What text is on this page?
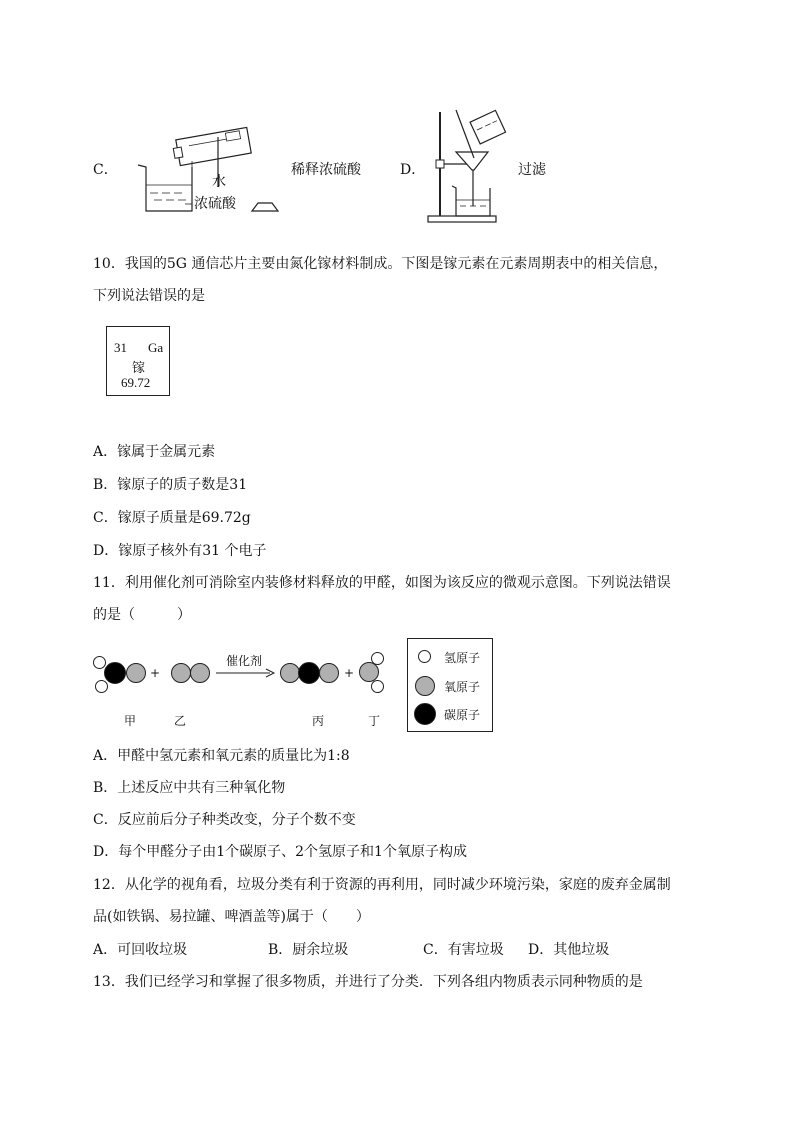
C．
水
浓硫酸
稀释浓硫酸	D．	过滤
10．我国的5G 通信芯片主要由氮化镓材料制成。下图是镓元素在元素周期表中的相关信息，
下列说法错误的是
31 Ga
镓
69.72
A．镓属于金属元素
B．镓原子的质子数是31
C．镓原子质量是69.72g
D．镓原子核外有31 个电子
11．利用催化剂可消除室内装修材料释放的甲醛，如图为该反应的微观示意图。下列说法错误
的是（　　　）
+
催化剂
+
甲	乙	丙	丁
氢原子
氧原子
碳原子
A．甲醛中氢元素和氧元素的质量比为1:8
B．上述反应中共有三种氧化物
C．反应前后分子种类改变，分子个数不变
D．每个甲醛分子由1个碳原子、2个氢原子和1个氧原子构成
12．从化学的视角看，垃圾分类有利于资源的再利用，同时减少环境污染，家庭的废弃金属制
品(如铁锅、易拉罐、啤酒盖等)属于（　　）
A．可回收垃圾	B．厨余垃圾	C．有害垃圾 D．其他垃圾
13．我们已经学习和掌握了很多物质，并进行了分类．下列各组内物质表示同种物质的是
